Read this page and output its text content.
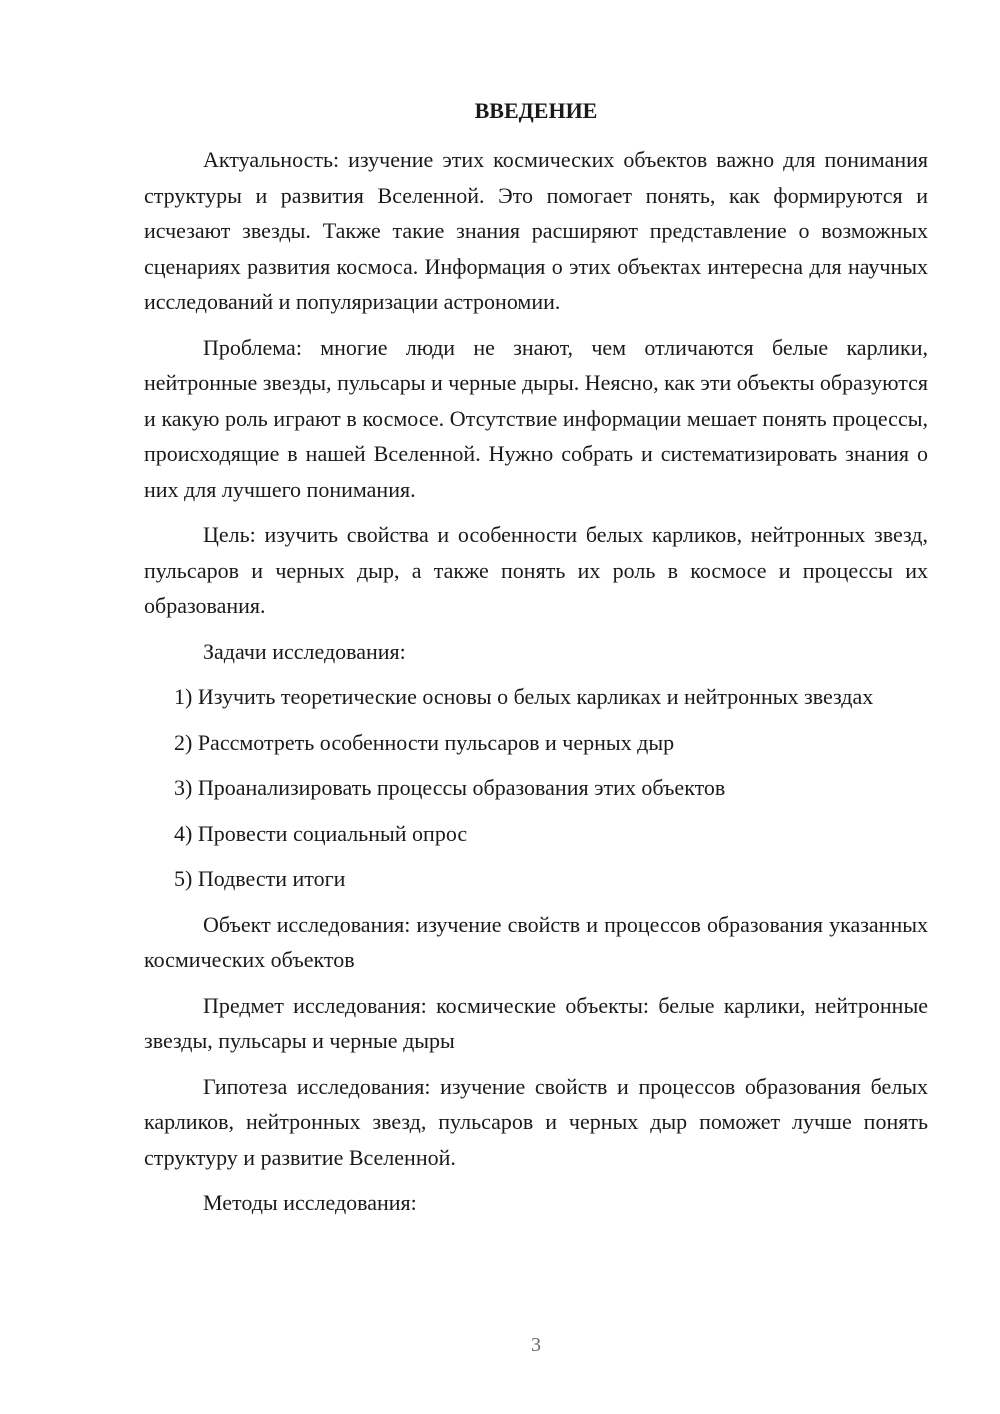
ВВЕДЕНИЕ

Актуальность: изучение этих космических объектов важно для понимания структуры и развития Вселенной. Это помогает понять, как формируются и исчезают звезды. Также такие знания расширяют представление о возможных сценариях развития космоса. Информация о этих объектах интересна для научных исследований и популяризации астрономии.

Проблема: многие люди не знают, чем отличаются белые карлики, нейтронные звезды, пульсары и черные дыры. Неясно, как эти объекты образуются и какую роль играют в космосе. Отсутствие информации мешает понять процессы, происходящие в нашей Вселенной. Нужно собрать и систематизировать знания о них для лучшего понимания.

Цель: изучить свойства и особенности белых карликов, нейтронных звезд, пульсаров и черных дыр, а также понять их роль в космосе и процессы их образования.

Задачи исследования:

1) Изучить теоретические основы о белых карликах и нейтронных звездах

2) Рассмотреть особенности пульсаров и черных дыр

3) Проанализировать процессы образования этих объектов

4) Провести социальный опрос

5) Подвести итоги

Объект исследования: изучение свойств и процессов образования указанных космических объектов

Предмет исследования: космические объекты: белые карлики, нейтронные звезды, пульсары и черные дыры

Гипотеза исследования: изучение свойств и процессов образования белых карликов, нейтронных звезд, пульсаров и черных дыр поможет лучше понять структуру и развитие Вселенной.

Методы исследования:

3
